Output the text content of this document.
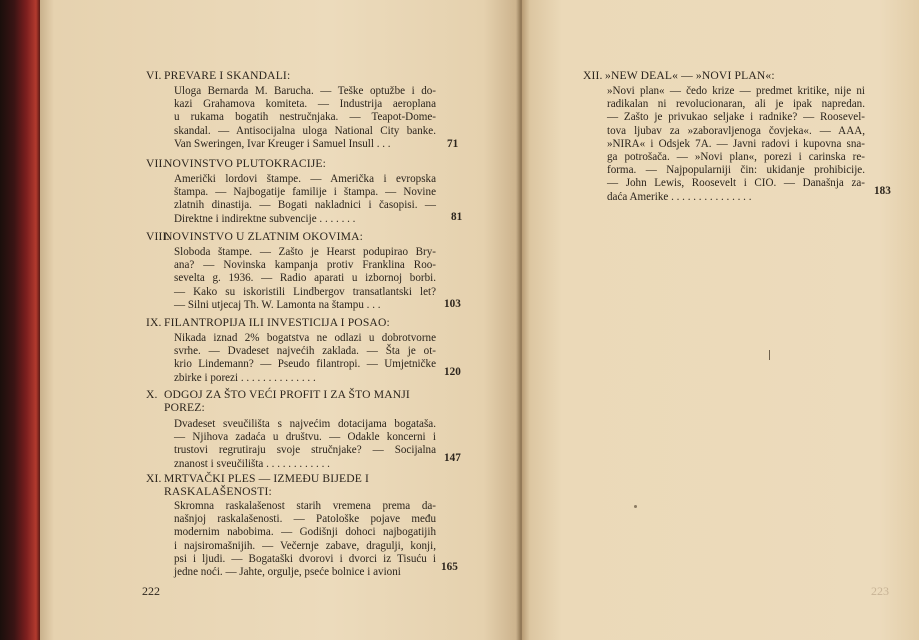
VI. PREVARE I SKANDALI:
Uloga Bernarda M. Barucha. — Teške optužbe i do-
kazi Grahamova komiteta. — Industrija aeroplana
u rukama bogatih nestručnjaka. — Teapot-Dome-
skandal. — Antisocijalna uloga National City banke.
Van Sweringen, Ivar Kreuger i Samuel Insull . . .	71
VII.NOVINSTVO PLUTOKRACIJE:
Američki lordovi štampe. — Američka i evropska
štampa. — Najbogatije familije i štampa. — Novine
zlatnih dinastija. — Bogati nakladnici i časopisi. —
Direktne i indirektne subvencije . . . . . . .	81
VIII.NOVINSTVO U ZLATNIM OKOVIMA:
Sloboda štampe. — Zašto je Hearst podupirao Bry-
ana? — Novinska kampanja protiv Franklina Roo-
sevelta g. 1936. — Radio aparati u izbornoj borbi.
— Kako su iskoristili Lindbergov transatlantski let?
— Silni utjecaj Th. W. Lamonta na štampu . . .	103
IX. FILANTROPIJA ILI INVESTICIJA I POSAO:
Nikada iznad 2% bogatstva ne odlazi u dobrotvorne
svrhe. — Dvadeset najvećih zaklada. — Šta je ot-
krio Lindemann? — Pseudo filantropi. — Umjetničke
zbirke i porezi . . . . . . . . . . . . . .	120
X. ODGOJ ZA ŠTO VEĆI PROFIT I ZA ŠTO MANJI
POREZ:
Dvadeset sveučilišta s najvećim dotacijama bogataša.
— Njihova zadaća u društvu. — Odakle koncerni i
trustovi regrutiraju svoje stručnjake? — Socijalna
znanost i sveučilišta . . . . . . . . . . . .	147
XI. MRTVAČKI PLES — IZMEĐU BIJEDE I
RASKALAŠENOSTI:
Skromna raskalašenost starih vremena prema da-
našnjoj raskalašenosti. — Patološke pojave među
modernim nabobima. — Godišnji dohoci najbogatijih
i najsiromašnijih. — Večernje zabave, dragulji, konji,
psi i ljudi. — Bogataški dvorovi i dvorci iz Tisuću i
jedne noći. — Jahte, orgulje, pseće bolnice i avioni	165
222
XII. »NEW DEAL« — »NOVI PLAN«:
»Novi plan« — čedo krize — predmet kritike, nije ni
radikalan ni revolucionaran, ali je ipak napredan.
— Zašto je privukao seljake i radnike? — Roosevel-
tova ljubav za »zaboravljenoga čovjeka«. — AAA,
»NIRA« i Odsjek 7A. — Javni radovi i kupovna sna-
ga potrošača. — »Novi plan«, porezi i carinska re-
forma. — Najpopularniji čin: ukidanje prohibicije.
— John Lewis, Roosevelt i CIO. — Današnja za-
daća Amerike . . . . . . . . . . . . . . .	183
223
